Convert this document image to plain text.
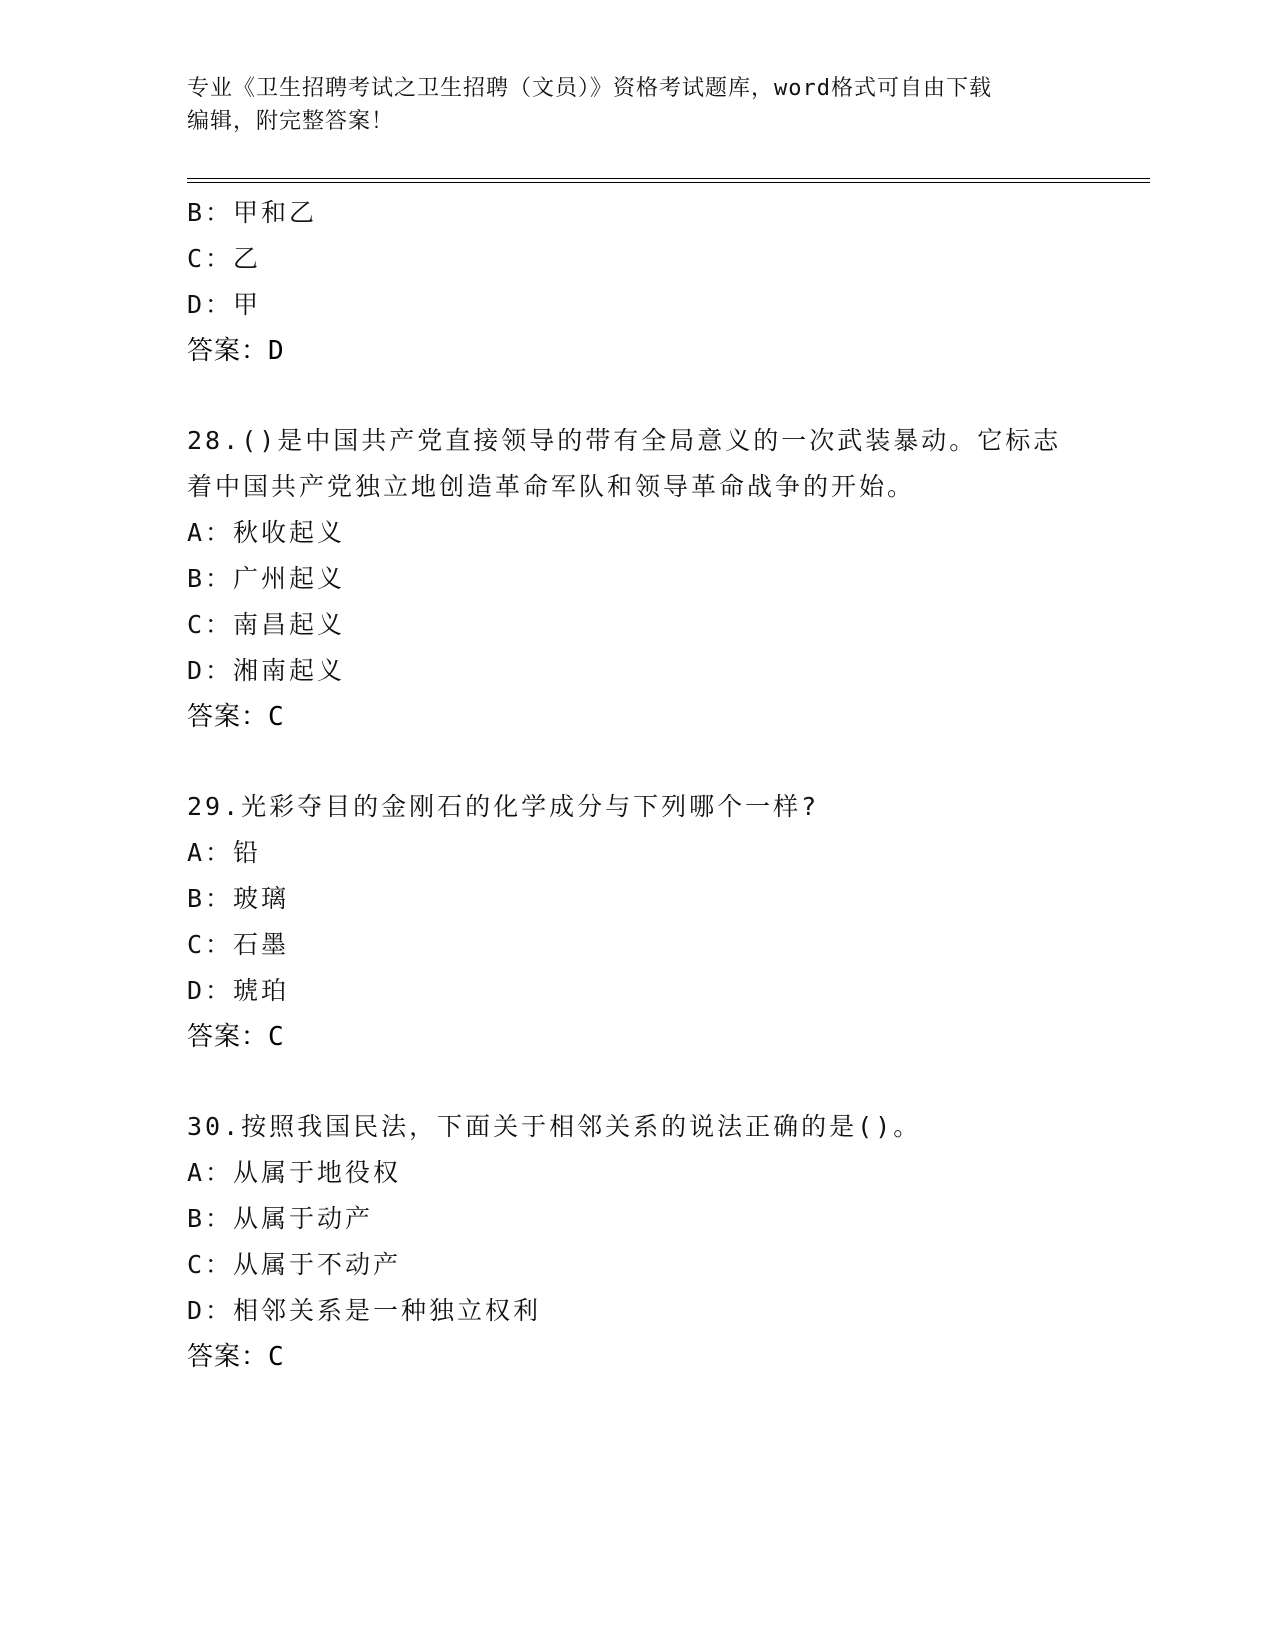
专业《卫生招聘考试之卫生招聘（文员）》资格考试题库，word格式可自由下载
编辑，附完整答案！
B：甲和乙
C：乙
D：甲
答案：D
28.()是中国共产党直接领导的带有全局意义的一次武装暴动。它标志
着中国共产党独立地创造革命军队和领导革命战争的开始。
A：秋收起义
B：广州起义
C：南昌起义
D：湘南起义
答案：C
29.光彩夺目的金刚石的化学成分与下列哪个一样?
A：铅
B：玻璃
C：石墨
D：琥珀
答案：C
30.按照我国民法，下面关于相邻关系的说法正确的是()。
A：从属于地役权
B：从属于动产
C：从属于不动产
D：相邻关系是一种独立权利
答案：C
